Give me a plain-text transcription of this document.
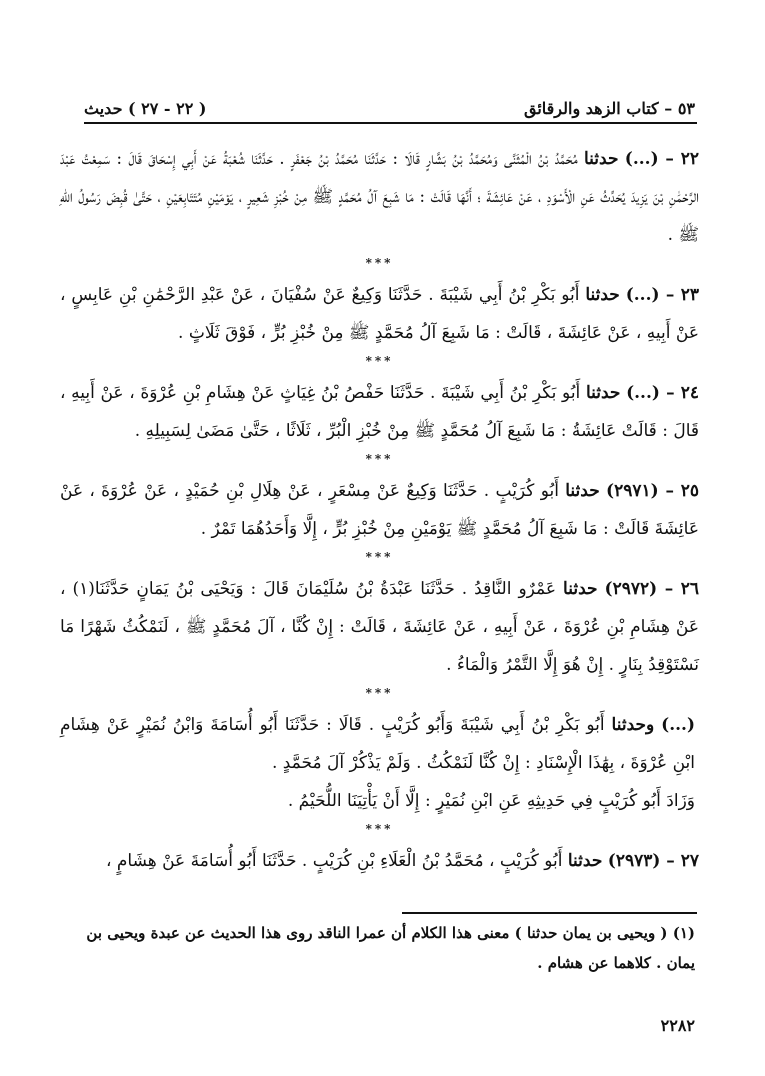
٥٣ – كتاب الزهد والرقائق
( ٢٢ - ٢٧ ) حديث

٢٢ – (...) حدثنا مُحَمَّدُ بْنُ الْمُثَنَّى وَمُحَمَّدُ بْنُ بَشَّارٍ قَالَا : حَدَّثَنَا مُحَمَّدُ بْنُ جَعْفَرٍ . حَدَّثَنَا شُعْبَةُ عَنْ أَبِي إِسْحَاقَ قَالَ : سَمِعْتُ عَبْدَ الرَّحْمَٰنِ بْنَ يَزِيدَ يُحَدِّثُ عَنِ الْأَسْوَدِ ، عَنْ عَائِشَةَ ؛ أَنَّهَا قَالَتْ : مَا شَبِعَ آلُ مُحَمَّدٍ ﷺ مِنْ خُبْزِ شَعِيرٍ ، يَوْمَيْنِ مُتَتَابِعَيْنِ ، حَتَّىٰ قُبِضَ رَسُولُ اللهِ ﷺ .

***

٢٣ – (...) حدثنا أَبُو بَكْرِ بْنُ أَبِي شَيْبَةَ . حَدَّثَنَا وَكِيعٌ عَنْ سُفْيَانَ ، عَنْ عَبْدِ الرَّحْمَٰنِ بْنِ عَابِسٍ ، عَنْ أَبِيهِ ، عَنْ عَائِشَةَ ، قَالَتْ : مَا شَبِعَ آلُ مُحَمَّدٍ ﷺ مِنْ خُبْزِ بُرٍّ ، فَوْقَ ثَلَاثٍ .

***

٢٤ – (...) حدثنا أَبُو بَكْرِ بْنُ أَبِي شَيْبَةَ . حَدَّثَنَا حَفْصُ بْنُ غِيَاثٍ عَنْ هِشَامِ بْنِ عُرْوَةَ ، عَنْ أَبِيهِ ، قَالَ : قَالَتْ عَائِشَةُ : مَا شَبِعَ آلُ مُحَمَّدٍ ﷺ مِنْ خُبْزِ الْبُرِّ ، ثَلَاثًا ، حَتَّىٰ مَضَىٰ لِسَبِيلِهِ .

***

٢٥ – (٢٩٧١) حدثنا أَبُو كُرَيْبٍ . حَدَّثَنَا وَكِيعٌ عَنْ مِسْعَرٍ ، عَنْ هِلَالِ بْنِ حُمَيْدٍ ، عَنْ عُرْوَةَ ، عَنْ عَائِشَةَ قَالَتْ : مَا شَبِعَ آلُ مُحَمَّدٍ ﷺ يَوْمَيْنِ مِنْ خُبْزِ بُرٍّ ، إِلَّا وَأَحَدُهُمَا تَمْرٌ .

***

٢٦ – (٢٩٧٢) حدثنا عَمْرٌو النَّاقِدُ . حَدَّثَنَا عَبْدَةُ بْنُ سُلَيْمَانَ قَالَ : وَيَحْيَى بْنُ يَمَانٍ حَدَّثَنَا(١) ، عَنْ هِشَامِ بْنِ عُرْوَةَ ، عَنْ أَبِيهِ ، عَنْ عَائِشَةَ ، قَالَتْ : إِنْ كُنَّا ، آلَ مُحَمَّدٍ ﷺ ، لَنَمْكُثُ شَهْرًا مَا نَسْتَوْقِدُ بِنَارٍ . إِنْ هُوَ إِلَّا التَّمْرُ وَالْمَاءُ .

***

(...) وحدثنا أَبُو بَكْرِ بْنُ أَبِي شَيْبَةَ وَأَبُو كُرَيْبٍ . قَالَا : حَدَّثَنَا أَبُو أُسَامَةَ وَابْنُ نُمَيْرٍ عَنْ هِشَامِ ابْنِ عُرْوَةَ ، بِهَٰذَا الْإِسْنَادِ : إِنْ كُنَّا لَنَمْكُثُ . وَلَمْ يَذْكُرْ آلَ مُحَمَّدٍ .

وَزَادَ أَبُو كُرَيْبٍ فِي حَدِيثِهِ عَنِ ابْنِ نُمَيْرٍ : إِلَّا أَنْ يَأْتِيَنَا اللُّحَيْمُ .

***

٢٧ – (٢٩٧٣) حدثنا أَبُو كُرَيْبٍ ، مُحَمَّدُ بْنُ الْعَلَاءِ بْنِ كُرَيْبٍ . حَدَّثَنَا أَبُو أُسَامَةَ عَنْ هِشَامٍ ،

(١) ( ويحيى بن يمان حدثنا ) معنى هذا الكلام أن عمرا الناقد روى هذا الحديث عن عبدة ويحيى بن يمان . كلاهما عن هشام .
٢٢٨٢
